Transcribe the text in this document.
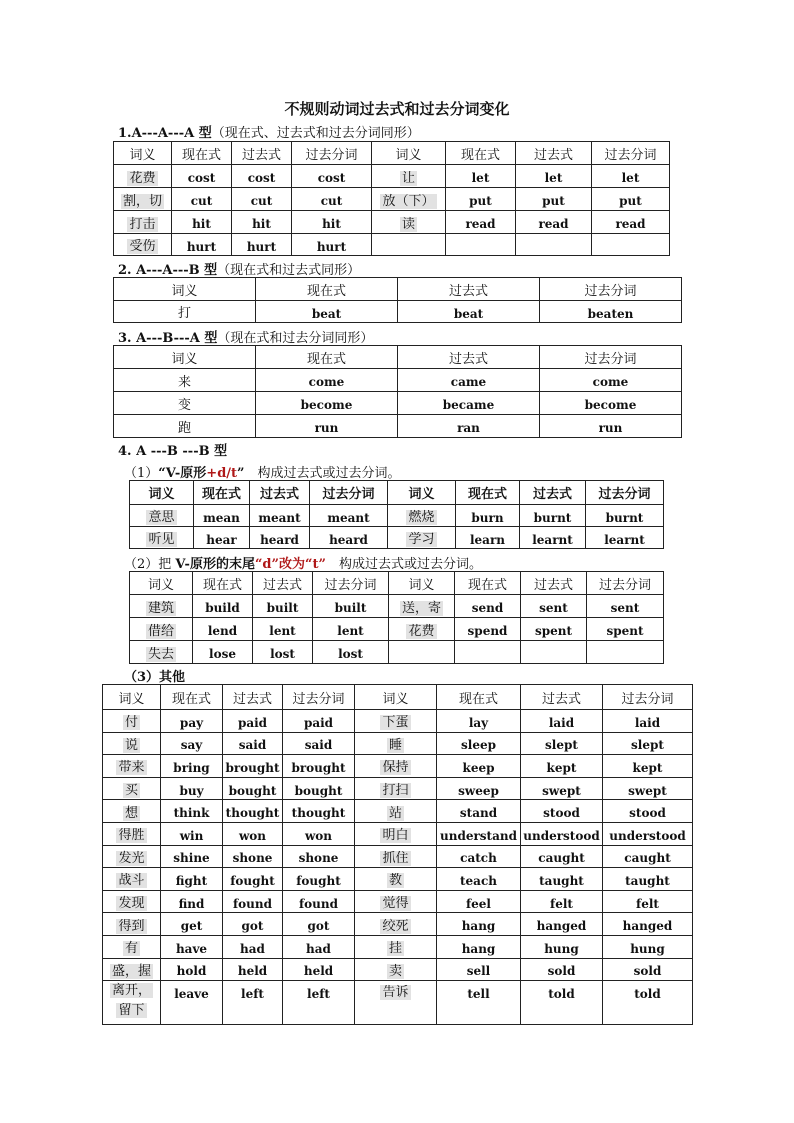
不规则动词过去式和过去分词变化
1.A---A---A 型（现在式、过去式和过去分词同形）
词义	现在式	过去式	过去分词	词义	现在式	过去式	过去分词
花费	cost	cost	cost	让	let	let	let
割，切	cut	cut	cut	放（下）	put	put	put
打击	hit	hit	hit	读	read	read	read
受伤	hurt	hurt	hurt				
2. A---A---B 型（现在式和过去式同形）
词义	现在式	过去式	过去分词
打	beat	beat	beaten
3. A---B---A 型（现在式和过去分词同形）
词义	现在式	过去式	过去分词
来	come	came	come
变	become	became	become
跑	run	ran	run
4. A ---B ---B 型
（1）“V-原形+d/t”　构成过去式或过去分词。
词义	现在式	过去式	过去分词	词义	现在式	过去式	过去分词
意思	mean	meant	meant	燃烧	burn	burnt	burnt
听见	hear	heard	heard	学习	learn	learnt	learnt
（2）把 V-原形的末尾“d”改为“t”　构成过去式或过去分词。
词义	现在式	过去式	过去分词	词义	现在式	过去式	过去分词
建筑	build	built	built	送，寄	send	sent	sent
借给	lend	lent	lent	花费	spend	spent	spent
失去	lose	lost	lost				
（3）其他
词义	现在式	过去式	过去分词	词义	现在式	过去式	过去分词
付	pay	paid	paid	下蛋	lay	laid	laid
说	say	said	said	睡	sleep	slept	slept
带来	bring	brought	brought	保持	keep	kept	kept
买	buy	bought	bought	打扫	sweep	swept	swept
想	think	thought	thought	站	stand	stood	stood
得胜	win	won	won	明白	understand	understood	understood
发光	shine	shone	shone	抓住	catch	caught	caught
战斗	fight	fought	fought	教	teach	taught	taught
发现	find	found	found	觉得	feel	felt	felt
得到	get	got	got	绞死	hang	hanged	hanged
有	have	had	had	挂	hang	hung	hung
盛，握	hold	held	held	卖	sell	sold	sold
离开，
留下	leave	left	left	告诉	tell	told	told
